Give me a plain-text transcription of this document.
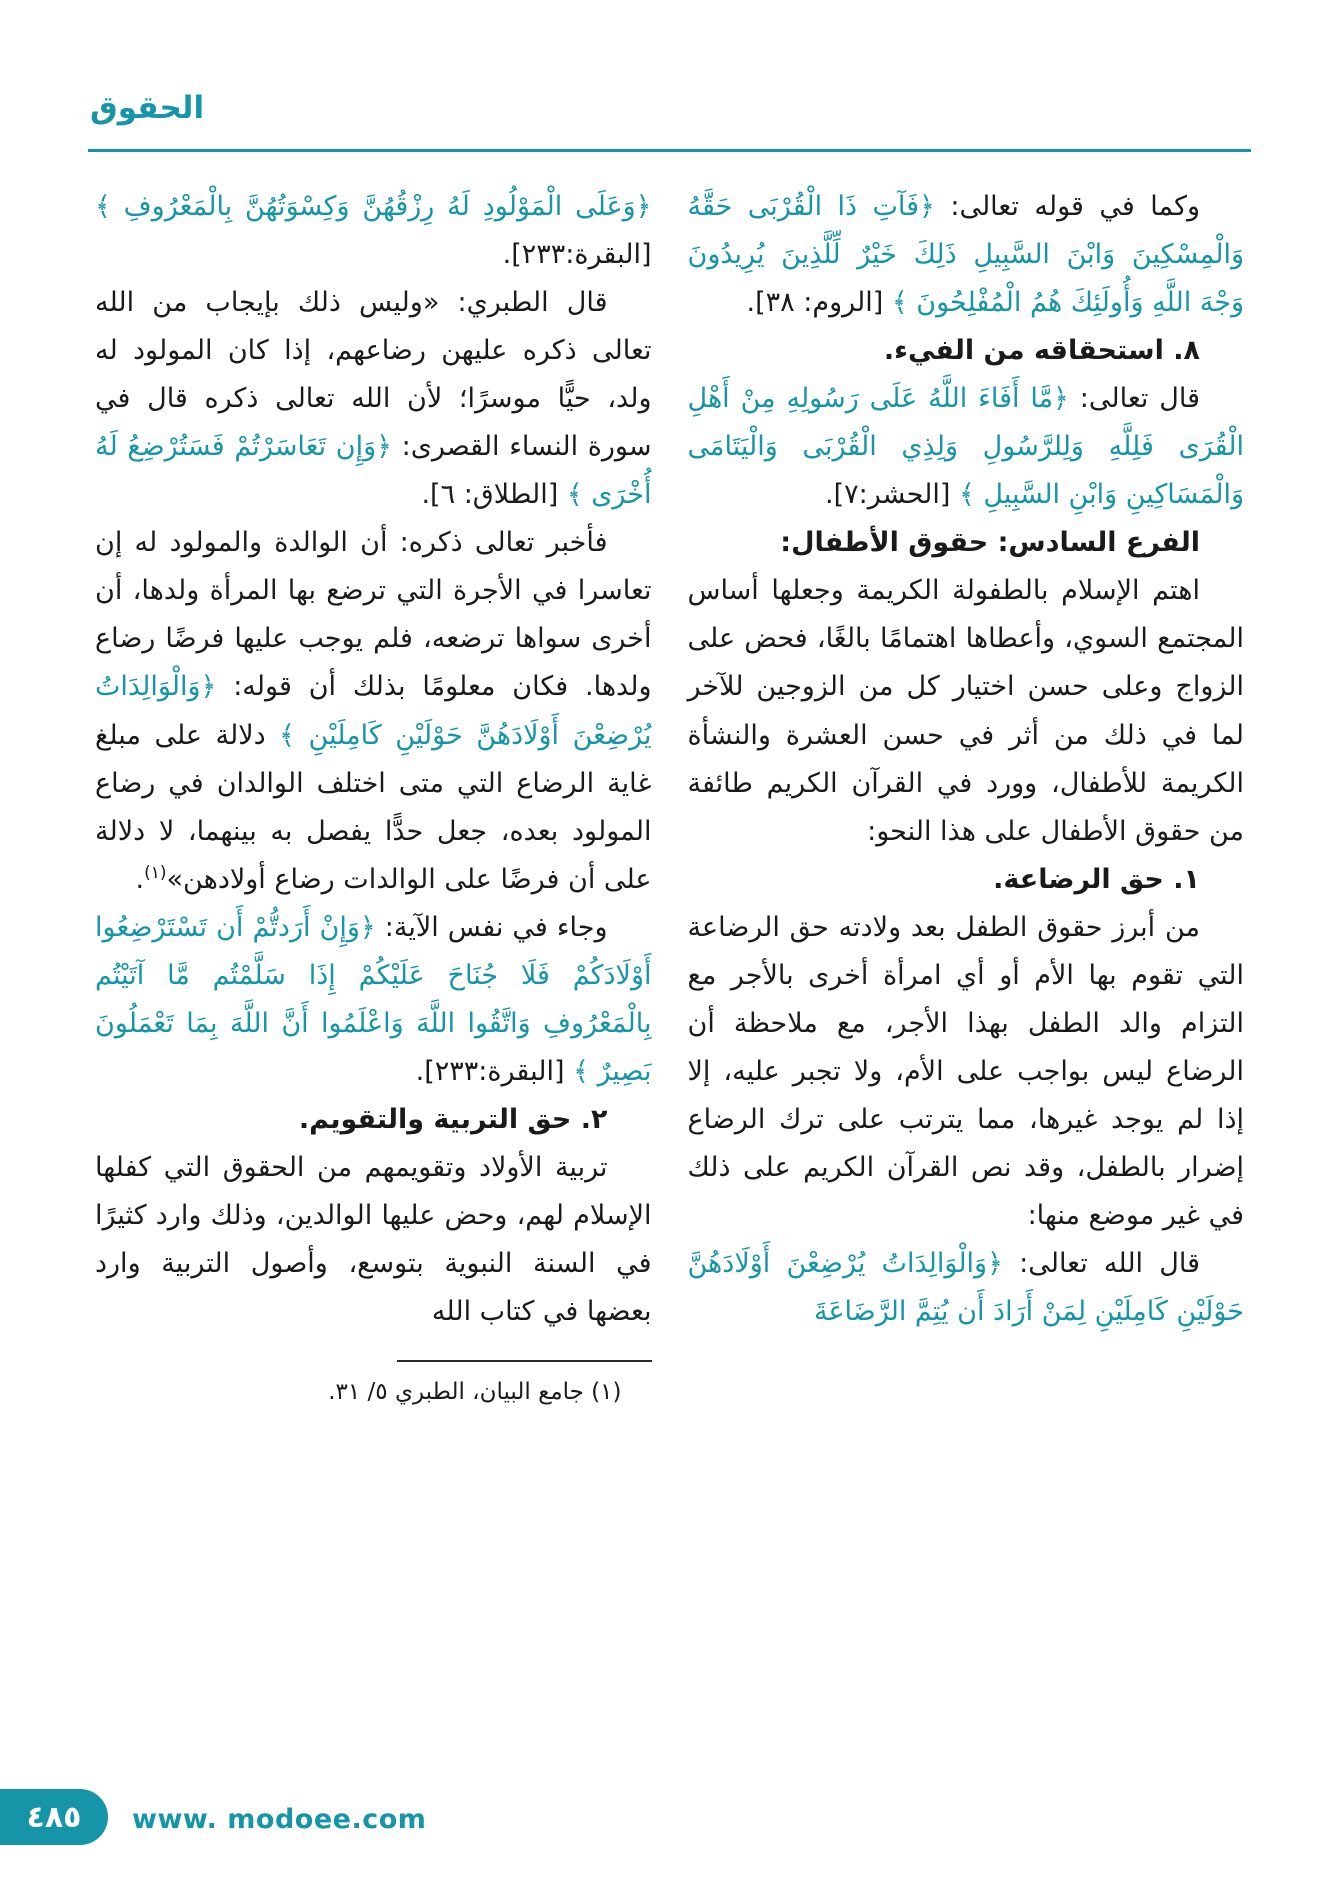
الحقوق

وكما في قوله تعالى: ﴿فَآتِ ذَا الْقُرْبَى حَقَّهُ وَالْمِسْكِينَ وَابْنَ السَّبِيلِ ذَلِكَ خَيْرٌ لِّلَّذِينَ يُرِيدُونَ وَجْهَ اللَّهِ وَأُولَئِكَ هُمُ الْمُفْلِحُونَ ﴾ [الروم: ٣٨].

٨. استحقاقه من الفيء.

قال تعالى: ﴿مَّا أَفَاءَ اللَّهُ عَلَى رَسُولِهِ مِنْ أَهْلِ الْقُرَى فَلِلَّهِ وَلِلرَّسُولِ وَلِذِي الْقُرْبَى وَالْيَتَامَى وَالْمَسَاكِينِ وَابْنِ السَّبِيلِ ﴾ [الحشر:٧].

الفرع السادس: حقوق الأطفال:

اهتم الإسلام بالطفولة الكريمة وجعلها أساس المجتمع السوي، وأعطاها اهتمامًا بالغًا، فحض على الزواج وعلى حسن اختيار كل من الزوجين للآخر لما في ذلك من أثر في حسن العشرة والنشأة الكريمة للأطفال، وورد في القرآن الكريم طائفة من حقوق الأطفال على هذا النحو:

١. حق الرضاعة.

من أبرز حقوق الطفل بعد ولادته حق الرضاعة التي تقوم بها الأم أو أي امرأة أخرى بالأجر مع التزام والد الطفل بهذا الأجر، مع ملاحظة أن الرضاع ليس بواجب على الأم، ولا تجبر عليه، إلا إذا لم يوجد غيرها، مما يترتب على ترك الرضاع إضرار بالطفل، وقد نص القرآن الكريم على ذلك في غير موضع منها:

قال الله تعالى: ﴿وَالْوَالِدَاتُ يُرْضِعْنَ أَوْلَادَهُنَّ حَوْلَيْنِ كَامِلَيْنِ لِمَنْ أَرَادَ أَن يُتِمَّ الرَّضَاعَةَ

﴿وَعَلَى الْمَوْلُودِ لَهُ رِزْقُهُنَّ وَكِسْوَتُهُنَّ بِالْمَعْرُوفِ ﴾ [البقرة:٢٣٣].

قال الطبري: «وليس ذلك بإيجاب من الله تعالى ذكره عليهن رضاعهم، إذا كان المولود له ولد، حيًّا موسرًا؛ لأن الله تعالى ذكره قال في سورة النساء القصرى: ﴿وَإِن تَعَاسَرْتُمْ فَسَتُرْضِعُ لَهُ أُخْرَى ﴾ [الطلاق: ٦].

فأخبر تعالى ذكره: أن الوالدة والمولود له إن تعاسرا في الأجرة التي ترضع بها المرأة ولدها، أن أخرى سواها ترضعه، فلم يوجب عليها فرضًا رضاع ولدها. فكان معلومًا بذلك أن قوله: ﴿وَالْوَالِدَاتُ يُرْضِعْنَ أَوْلَادَهُنَّ حَوْلَيْنِ كَامِلَيْنِ ﴾ دلالة على مبلغ غاية الرضاع التي متى اختلف الوالدان في رضاع المولود بعده، جعل حدًّا يفصل به بينهما، لا دلالة على أن فرضًا على الوالدات رضاع أولادهن»$^{(١)}$.

وجاء في نفس الآية: ﴿وَإِنْ أَرَدتُّمْ أَن تَسْتَرْضِعُوا أَوْلَادَكُمْ فَلَا جُنَاحَ عَلَيْكُمْ إِذَا سَلَّمْتُم مَّا آتَيْتُم بِالْمَعْرُوفِ وَاتَّقُوا اللَّهَ وَاعْلَمُوا أَنَّ اللَّهَ بِمَا تَعْمَلُونَ بَصِيرٌ ﴾ [البقرة:٢٣٣].

٢. حق التربية والتقويم.

تربية الأولاد وتقويمهم من الحقوق التي كفلها الإسلام لهم، وحض عليها الوالدين، وذلك وارد كثيرًا في السنة النبوية بتوسع، وأصول التربية وارد بعضها في كتاب الله

(١) جامع البيان، الطبري ٥/ ٣١.

٤٨٥ www. modoee.com
